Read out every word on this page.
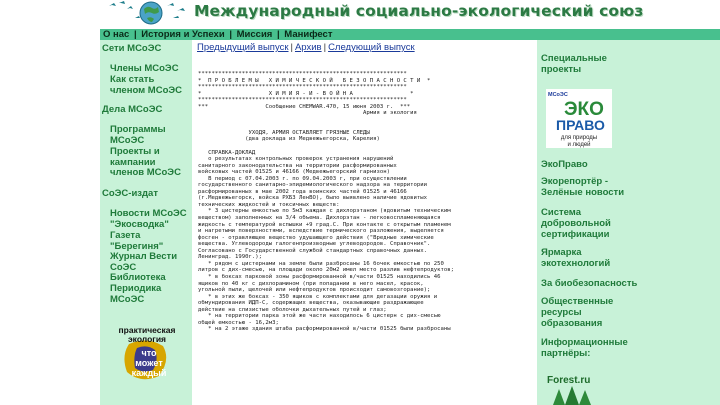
Международный социально-экологический союз
О нас | История и Успехи | Миссия | Манифест
Сети МСоЭС
Члены МСоЭС
Как стать членом МСоЭС
Дела МСоЭС
Программы МСоЭС
Проекты и кампании членов МСоЭС
СоЭС-издат
Новости МСоЭС
"Экосводка"
Газета "Берегиня"
Журнал Вести СоЭС
Библиотека
Периодика МСоЭС
практическая
экология
что
может
каждый
Предыдущий выпуск | Архив | Следующий выпуск
**************************************************************
*  П Р О Б Л Е М Ы   Х И М И Ч Е С К О Й   Б Е З О П А С Н О С Т И  *
**************************************************************
*                    Х И М И Я - И - В О Й Н А                 *
**************************************************************
***                 Сообщение CHEMWAR.470, 15 июня 2003 г.  ***
Армия и экология

УХОДЯ, АРМИЯ ОСТАВЛЯЕТ ГРЯЗНЫЕ СЛЕДЫ
(два доклада из Медвежьегорска, Карелия)

СПРАВКА-ДОКЛАД
о результатах контрольных проверок устранения нарушений
санитарного законодательства на территории расформированных
войсковых частей 01525 и 46166 (Медвежьегорский гарнизон)
В период с 07.04.2003 г. по 09.04.2003 г, при осуществлении
государственного санитарно-эпидемиологического надзора на территории
расформированных в мае 2002 года воинских частей 01525 и 46166
(г.Медвежьегорск, войска РХБЗ ЛенВО), было выявлено наличие ядовитых
технических жидкостей и токсичных веществ:
* 3 цистерны емкостью по 5м3 каждая с дихлорэтаном (ядовитым техническим
веществом) заполненных на 3/4 объема. Дихлорэтан - легковоспламеняющаяся
жидкость с температурой вспышки +9 град.С. При контакте с открытым пламенем
и нагретыми поверхностями, вследствие термического разложения, выделяется
фосген - отравляющее вещество удушающего действия ("Вредные химические
вещества. Углеводороды галогенпроизводные углеводородов. Справочник".
Согласовано с Государственной службой стандартных справочных данных.
Ленинград. 1990г.);
* рядом с цистернами на земле были разбросаны 16 бочек емкостью по 250
литров с дих-смесью, на площади около 20м2 имел место разлив нефтепродуктов;
* в боксах парковой зоны расформированной в/части 01525 находились 46
ящиков по 40 кг с дихлорамином (при попадании в него масел, красок,
угольной пыли, щелочей или нефтепродуктов происходит самовозгорание);
* в этих же боксах - 350 ящиков с комплектами для дегазации оружия и
обмундирования ИДП-С, содержащих вещества, оказывающие раздражающее
действие на слизистые оболочки дыхательных путей и глаз;
* на территории парка этой же части находилось 6 цистерн с дих-смесью
общей емкостью - 16,2м3;
* на 2 этаже здания штаба расформированной в/части 01525 были разбросаны
Специальные проекты
МСоЭС
ЭКО
ПРАВО
для природы
и людей
ЭкоПраво
Экорепортёр - Зелёные новости
Система добровольной сертификации
Ярмарка экотехнологий
За биобезопасность
Общественные ресурсы образования
Информационные партнёры:
Forest.ru
